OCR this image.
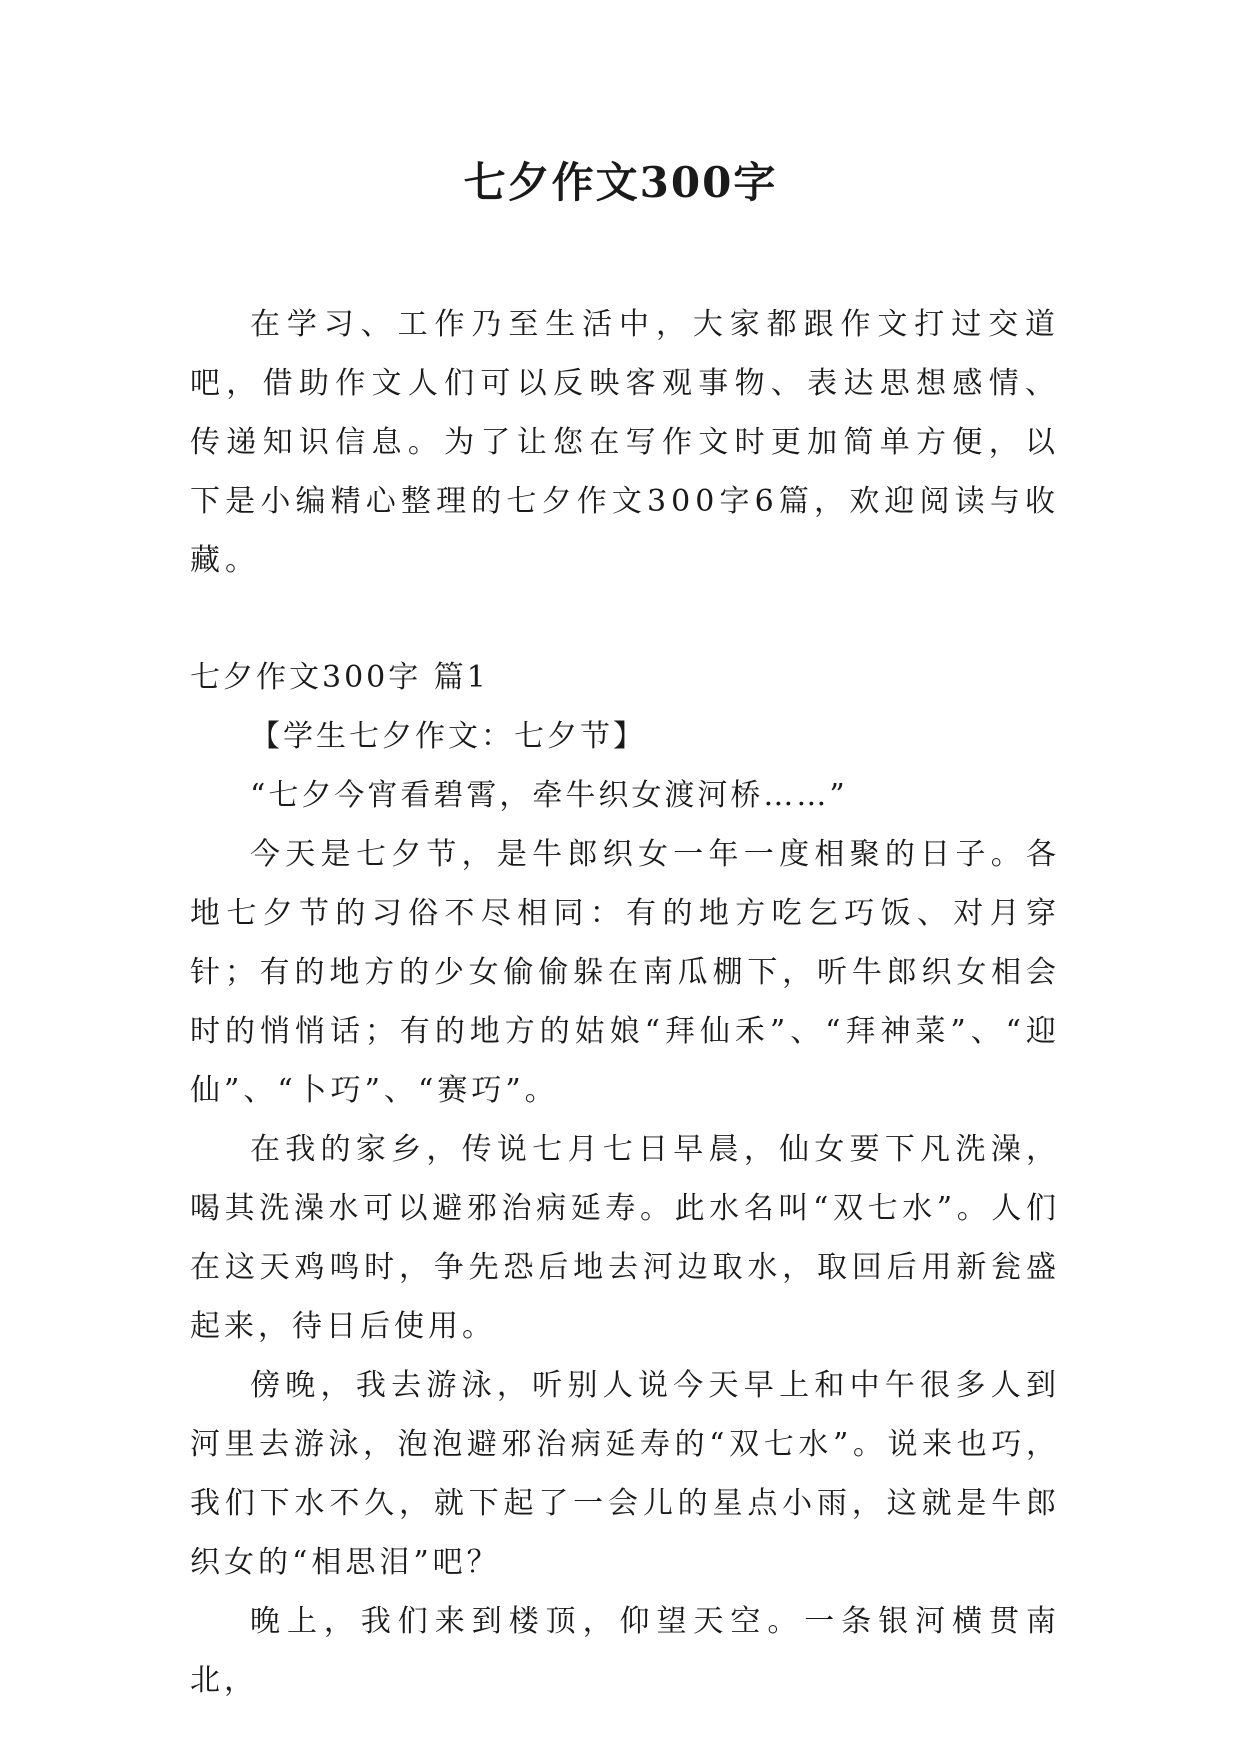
七夕作文300字

在学习、工作乃至生活中，大家都跟作文打过交道吧，借助作文人们可以反映客观事物、表达思想感情、传递知识信息。为了让您在写作文时更加简单方便，以下是小编精心整理的七夕作文300字6篇，欢迎阅读与收藏。

七夕作文300字 篇1

【学生七夕作文：七夕节】

“七夕今宵看碧霄，牵牛织女渡河桥……”

今天是七夕节，是牛郎织女一年一度相聚的日子。各地七夕节的习俗不尽相同：有的地方吃乞巧饭、对月穿针；有的地方的少女偷偷躲在南瓜棚下，听牛郎织女相会时的悄悄话；有的地方的姑娘“拜仙禾”、“拜神菜”、“迎仙”、“卜巧”、“赛巧”。

在我的家乡，传说七月七日早晨，仙女要下凡洗澡，喝其洗澡水可以避邪治病延寿。此水名叫“双七水”。人们在这天鸡鸣时，争先恐后地去河边取水，取回后用新瓮盛起来，待日后使用。

傍晚，我去游泳，听别人说今天早上和中午很多人到河里去游泳，泡泡避邪治病延寿的“双七水”。说来也巧，我们下水不久，就下起了一会儿的星点小雨，这就是牛郎织女的“相思泪”吧？

晚上，我们来到楼顶，仰望天空。一条银河横贯南北，
